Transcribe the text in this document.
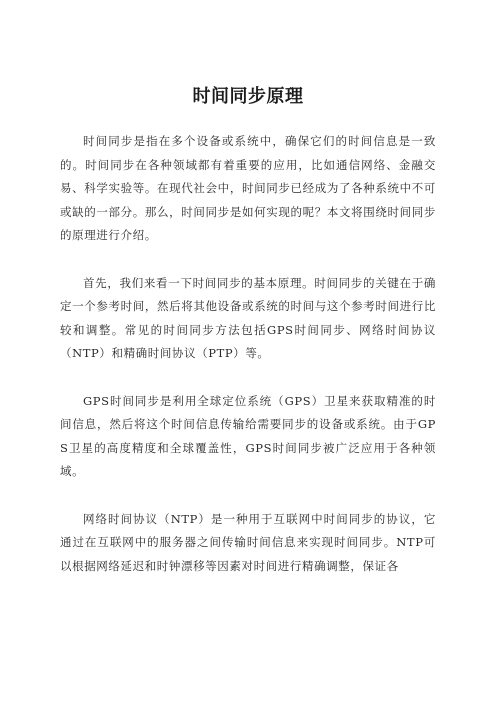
时间同步原理

时间同步是指在多个设备或系统中，确保它们的时间信息是一致的。时间同步在各种领域都有着重要的应用，比如通信网络、金融交易、科学实验等。在现代社会中，时间同步已经成为了各种系统中不可或缺的一部分。那么，时间同步是如何实现的呢？本文将围绕时间同步的原理进行介绍。

首先，我们来看一下时间同步的基本原理。时间同步的关键在于确定一个参考时间，然后将其他设备或系统的时间与这个参考时间进行比较和调整。常见的时间同步方法包括GPS时间同步、网络时间协议（NTP）和精确时间协议（PTP）等。

GPS时间同步是利用全球定位系统（GPS）卫星来获取精准的时间信息，然后将这个时间信息传输给需要同步的设备或系统。由于GPS卫星的高度精度和全球覆盖性，GPS时间同步被广泛应用于各种领域。

网络时间协议（NTP）是一种用于互联网中时间同步的协议，它通过在互联网中的服务器之间传输时间信息来实现时间同步。NTP可以根据网络延迟和时钟漂移等因素对时间进行精确调整，保证各
